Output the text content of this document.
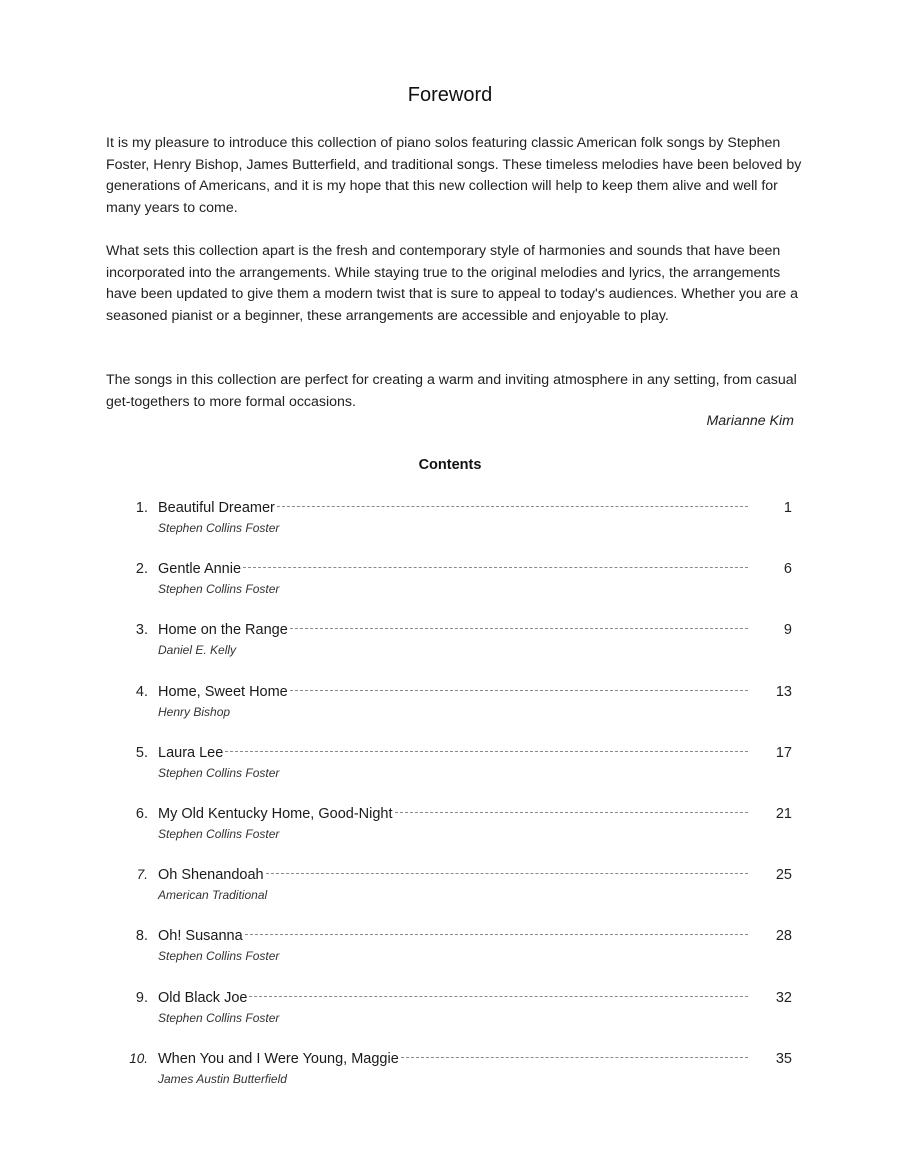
Foreword

It is my pleasure to introduce this collection of piano solos featuring classic American folk songs by Stephen Foster, Henry Bishop, James Butterfield, and traditional songs. These timeless melodies have been beloved by generations of Americans, and it is my hope that this new collection will help to keep them alive and well for many years to come.

What sets this collection apart is the fresh and contemporary style of harmonies and sounds that have been incorporated into the arrangements. While staying true to the original melodies and lyrics, the arrangements have been updated to give them a modern twist that is sure to appeal to today's audiences. Whether you are a seasoned pianist or a beginner, these arrangements are accessible and enjoyable to play.

The songs in this collection are perfect for creating a warm and inviting atmosphere in any setting, from casual get-togethers to more formal occasions.

Marianne Kim
Contents
1. Beautiful Dreamer	1
Stephen Collins Foster
2. Gentle Annie	6
Stephen Collins Foster
3. Home on the Range	9
Daniel E. Kelly
4. Home, Sweet Home	13
Henry Bishop
5. Laura Lee	17
Stephen Collins Foster
6. My Old Kentucky Home, Good-Night	21
Stephen Collins Foster
7. Oh Shenandoah	25
American Traditional
8. Oh! Susanna	28
Stephen Collins Foster
9. Old Black Joe	32
Stephen Collins Foster
10. When You and I Were Young, Maggie	35
James Austin Butterfield
